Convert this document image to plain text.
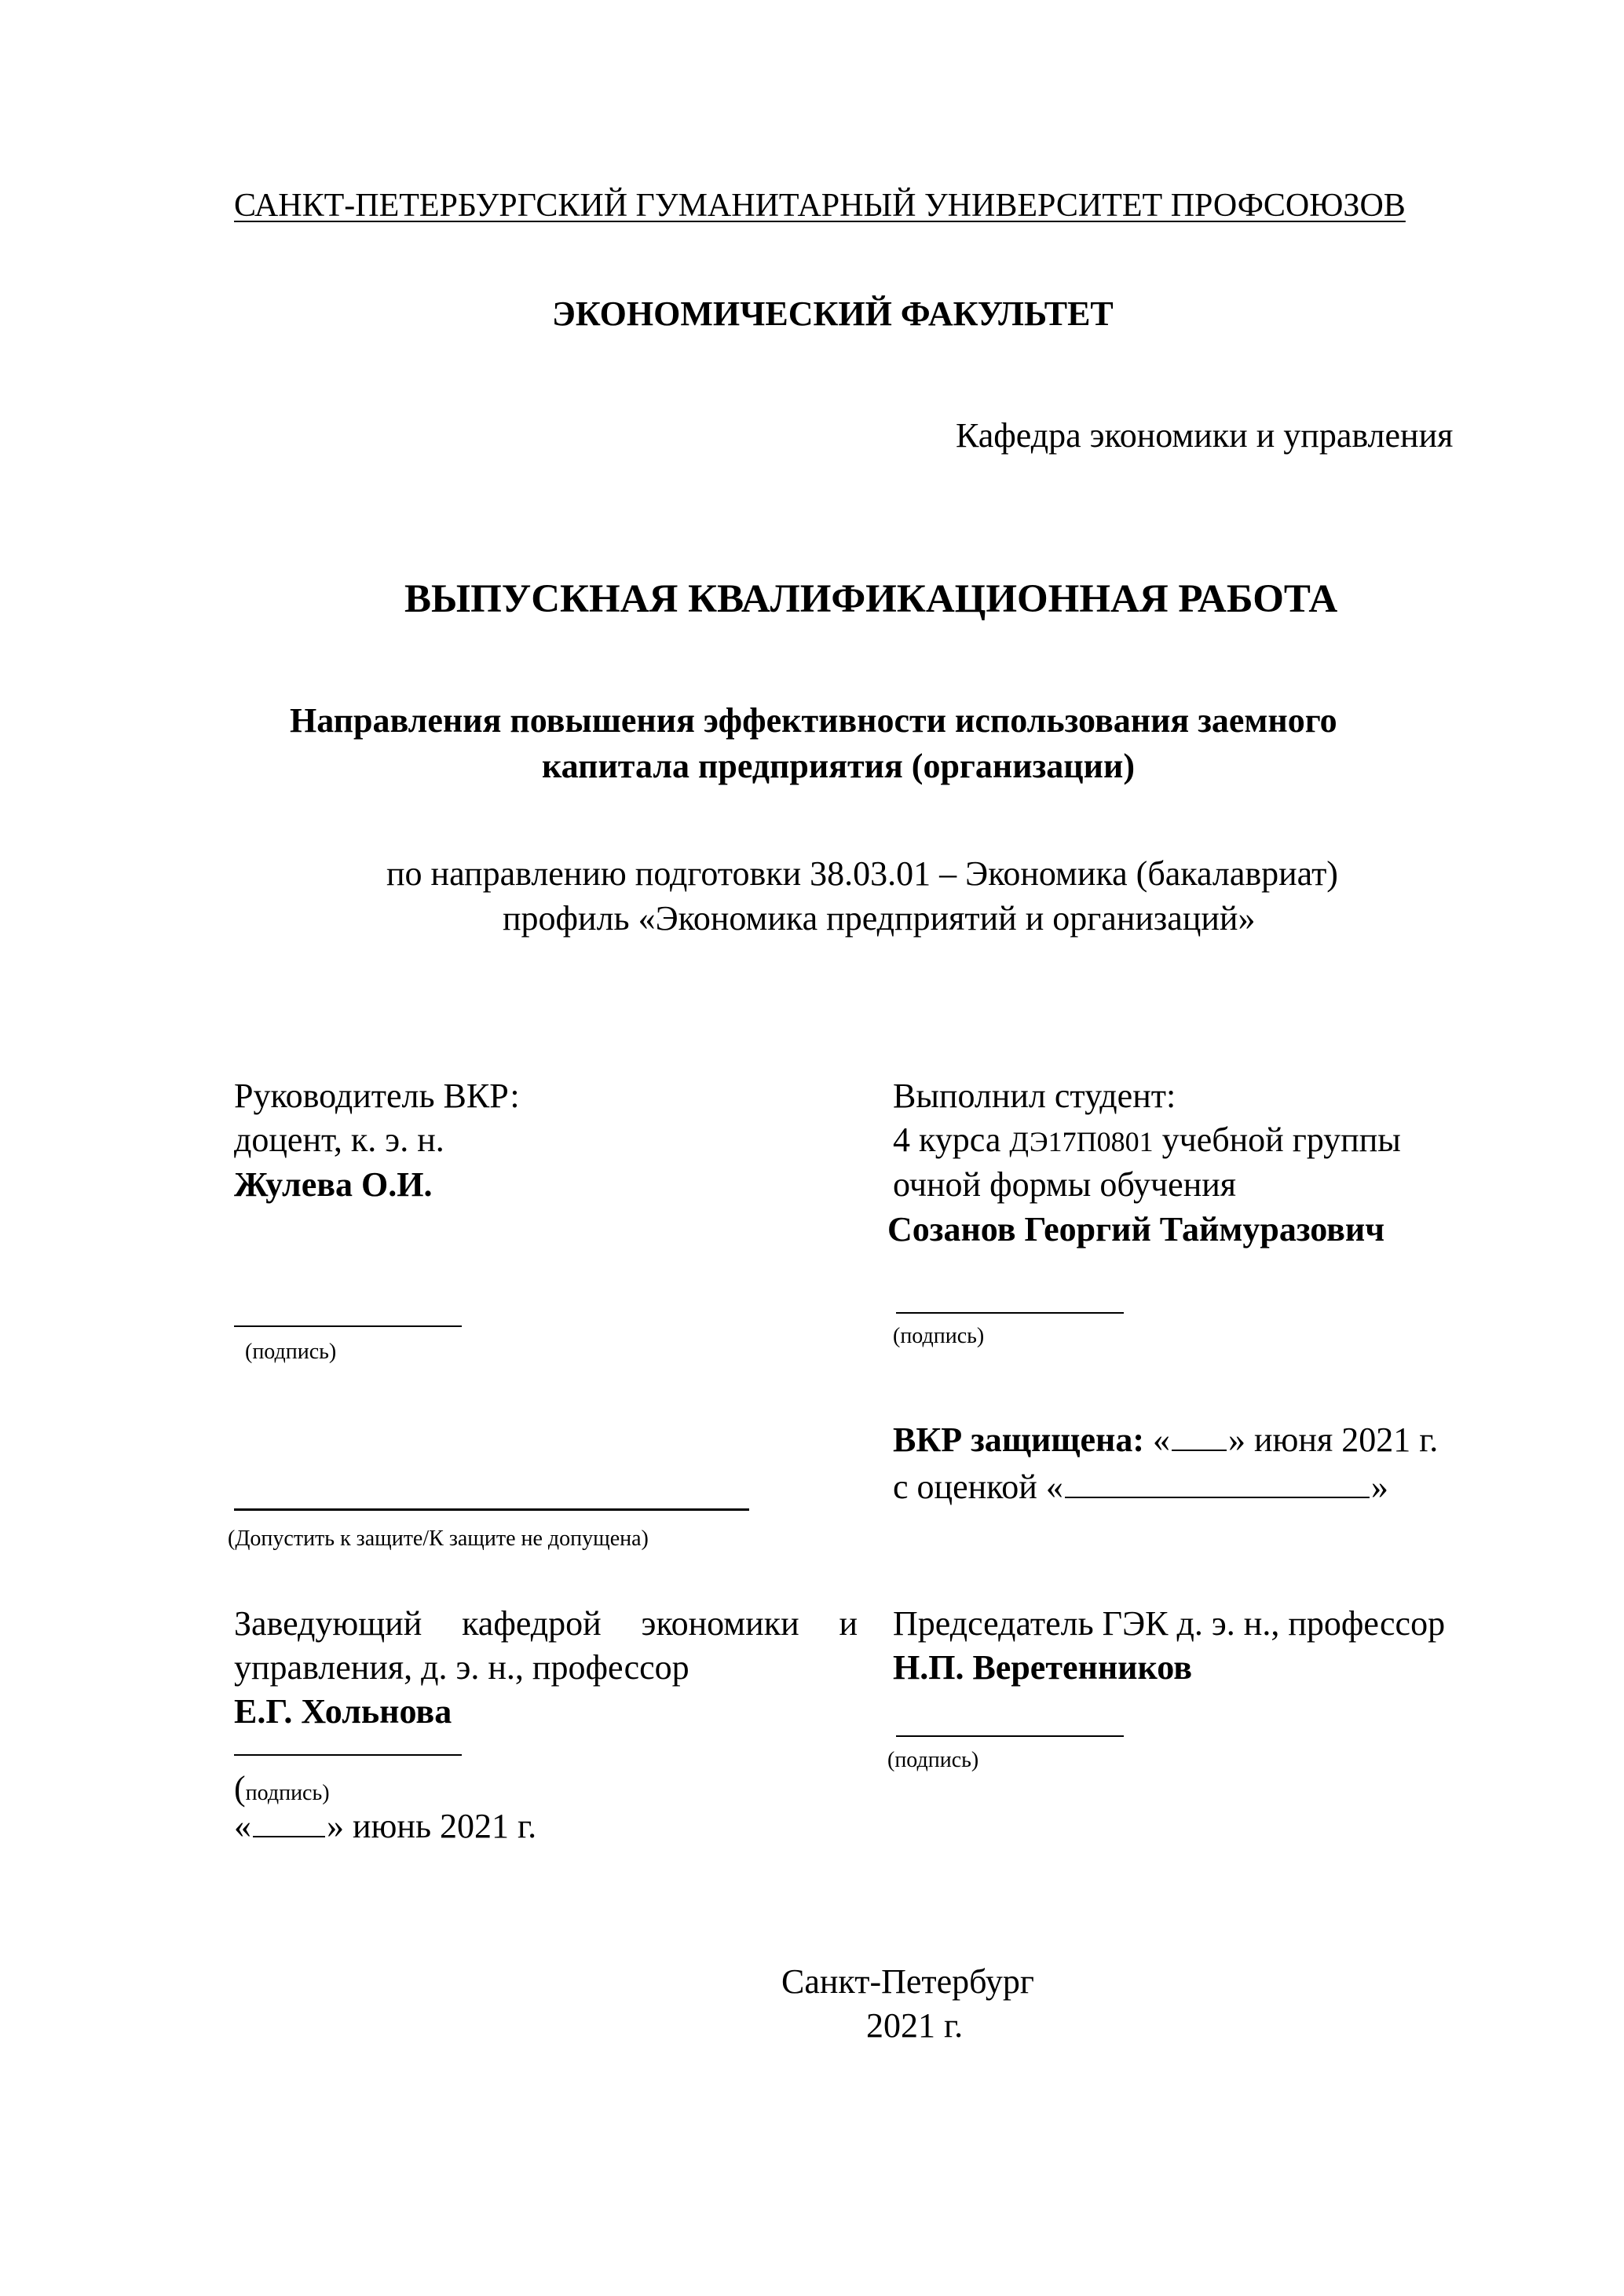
САНКТ-ПЕТЕРБУРГСКИЙ ГУМАНИТАРНЫЙ УНИВЕРСИТЕТ ПРОФСОЮЗОВ
ЭКОНОМИЧЕСКИЙ ФАКУЛЬТЕТ
Кафедра экономики и управления
ВЫПУСКНАЯ КВАЛИФИКАЦИОННАЯ РАБОТА
Направления повышения эффективности использования заемного
капитала предприятия (организации)
по направлению подготовки 38.03.01 – Экономика (бакалавриат)
профиль «Экономика предприятий и организаций»
Руководитель ВКР:
доцент, к. э. н.
Жулева О.И.
(подпись)
Выполнил студент:
4 курса ДЭ17П0801 учебной группы
очной формы обучения
Созанов Георгий Таймуразович
(подпись)
ВКР защищена: « » июня 2021 г.
с оценкой «	»
(Допустить к защите/К защите не допущена)
Заведующий кафедрой экономики и
управления, д. э. н., профессор
Е.Г. Хольнова
(подпись)
« » июнь 2021 г.
Председатель ГЭК д. э. н., профессор
Н.П. Веретенников
(подпись)
Санкт-Петербург
2021 г.
